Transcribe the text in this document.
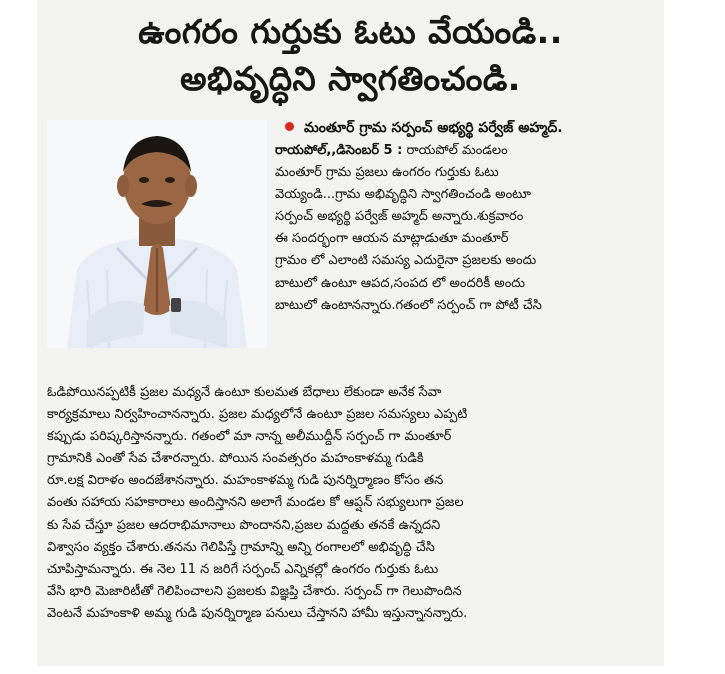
ఉంగరం గుర్తుకు ఓటు వేయండి..
అభివృద్ధిని స్వాగతించండి.
మంతూర్ గ్రామ సర్పంచ్ అభ్యర్థి పర్వేజ్ అహ్మద్.
రాయపోల్,,డిసెంబర్ 5 : రాయపోల్ మండలం
మంతూర్ గ్రామ ప్రజలు ఉంగరం గుర్తుకు ఓటు
వెయ్యండి...గ్రామ అభివృద్ధిని స్వాగతించండి అంటూ
సర్పంచ్ అభ్యర్థి పర్వేజ్ అహ్మద్ అన్నారు.శుక్రవారం
ఈ సందర్భంగా ఆయన మాట్లాడుతూ మంతూర్
గ్రామం లో ఎలాంటి సమస్య ఎదురైనా ప్రజలకు అందు
బాటులో ఉంటూ ఆపద,సంపద లో అందరికీ అందు
బాటులో ఉంటానన్నారు.గతంలో సర్పంచ్ గా పోటీ చేసి
ఓడిపోయినప్పటికీ ప్రజల మధ్యనే ఉంటూ కులమత బేధాలు లేకుండా అనేక సేవా
కార్యక్రమాలు నిర్వహించానన్నారు. ప్రజల మధ్యలోనే ఉంటూ ప్రజల సమస్యలు ఎప్పటి
కప్పుడు పరిష్కరిస్తానన్నారు. గతంలో మా నాన్న అలీముద్దీన్ సర్పంచ్ గా మంతూర్
గ్రామానికి ఎంతో సేవ చేశారన్నారు. పోయిన సంవత్సరం మహంకాళమ్మ గుడికి
రూ.లక్ష విరాళం అందజేశానన్నారు. మహంకాళమ్మ గుడి పునర్నిర్మాణం కోసం తన
వంతు సహాయ సహకారాలు అందిస్తానని అలాగే మండల కో ఆప్షన్ సభ్యులుగా ప్రజల
కు సేవ చేస్తూ ప్రజల ఆదరాభిమానాలు పొందానని,ప్రజల మద్దతు తనకే ఉన్నదని
విశ్వాసం వ్యక్తం చేశారు.తనను గెలిపిస్తే గ్రామాన్ని అన్ని రంగాలలో అభివృద్ధి చేసి
చూపిస్తామన్నారు. ఈ నెల 11 న జరిగే సర్పంచ్ ఎన్నికల్లో ఉంగరం గుర్తుకు ఓటు
వేసి భారి మెజారిటీతో గెలిపించాలని ప్రజలకు విజ్ఞప్తి చేశారు. సర్పంచ్ గా గెలుపొందిన
వెంటనే మహంకాళి అమ్మ గుడి పునర్నిర్మాణ పనులు చేస్తానని హామీ ఇస్తున్నానన్నారు.
